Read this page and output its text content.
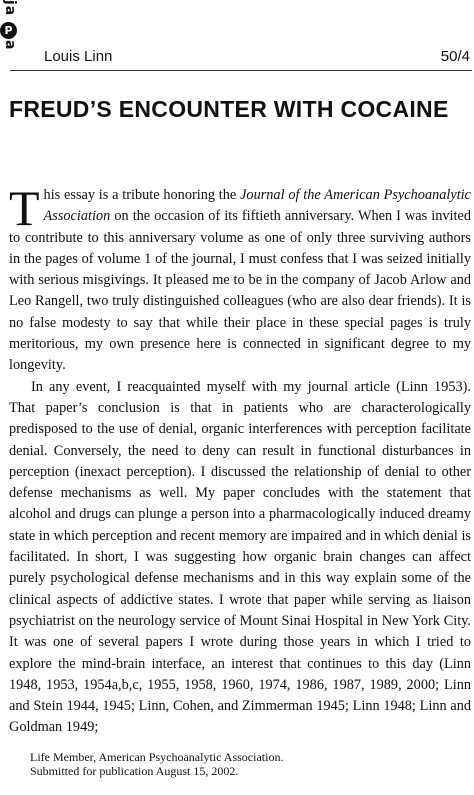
ja
P
a
Louis Linn	50/4
FREUD’S ENCOUNTER WITH COCAINE

This essay is a tribute honoring the Journal of the American Psychoanalytic Association on the occasion of its fiftieth anniversary. When I was invited to contribute to this anniversary volume as one of only three surviving authors in the pages of volume 1 of the journal, I must confess that I was seized initially with serious misgivings. It pleased me to be in the company of Jacob Arlow and Leo Rangell, two truly distinguished colleagues (who are also dear friends). It is no false modesty to say that while their place in these special pages is truly meritorious, my own presence here is connected in significant degree to my longevity.

In any event, I reacquainted myself with my journal article (Linn 1953). That paper’s conclusion is that in patients who are characterologically predisposed to the use of denial, organic interferences with perception facilitate denial. Conversely, the need to deny can result in functional disturbances in perception (inexact perception). I discussed the relationship of denial to other defense mechanisms as well. My paper concludes with the statement that alcohol and drugs can plunge a person into a pharmacologically induced dreamy state in which perception and recent memory are impaired and in which denial is facilitated. In short, I was suggesting how organic brain changes can affect purely psychological defense mechanisms and in this way explain some of the clinical aspects of addictive states. I wrote that paper while serving as liaison psychiatrist on the neurology service of Mount Sinai Hospital in New York City. It was one of several papers I wrote during those years in which I tried to explore the mind-brain interface, an interest that continues to this day (Linn 1948, 1953, 1954a,b,c, 1955, 1958, 1960, 1974, 1986, 1987, 1989, 2000; Linn and Stein 1944, 1945; Linn, Cohen, and Zimmerman 1945; Linn 1948; Linn and Goldman 1949;

Life Member, American Psychoanalytic Association.
Submitted for publication August 15, 2002.
